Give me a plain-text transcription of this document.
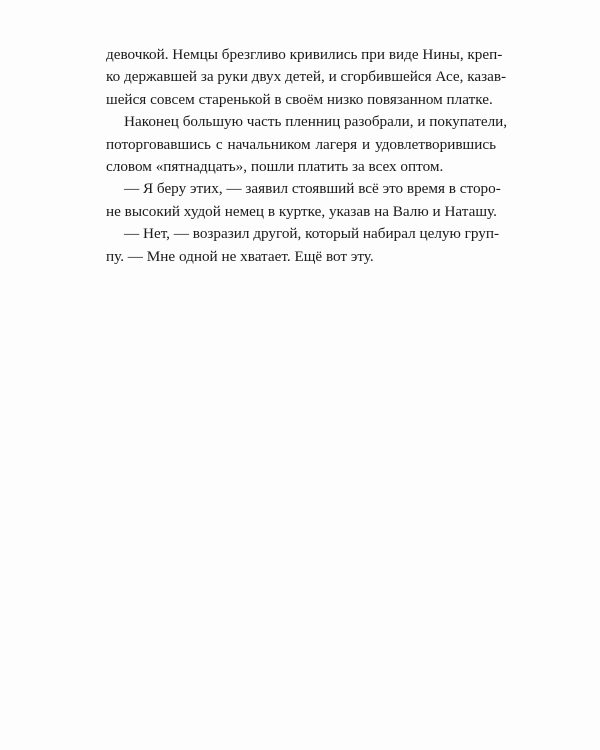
девочкой. Немцы брезгливо кривились при виде Нины, креп-
ко державшей за руки двух детей, и сгорбившейся Асе, казав-
шейся совсем старенькой в своём низко повязанном платке.
Наконец большую часть пленниц разобрали, и покупатели,
поторговавшись с начальником лагеря и удовлетворившись
словом «пятнадцать», пошли платить за всех оптом.
— Я беру этих, — заявил стоявший всё это время в сторо-
не высокий худой немец в куртке, указав на Валю и Наташу.
— Нет, — возразил другой, который набирал целую груп-
пу. — Мне одной не хватает. Ещё вот эту.
